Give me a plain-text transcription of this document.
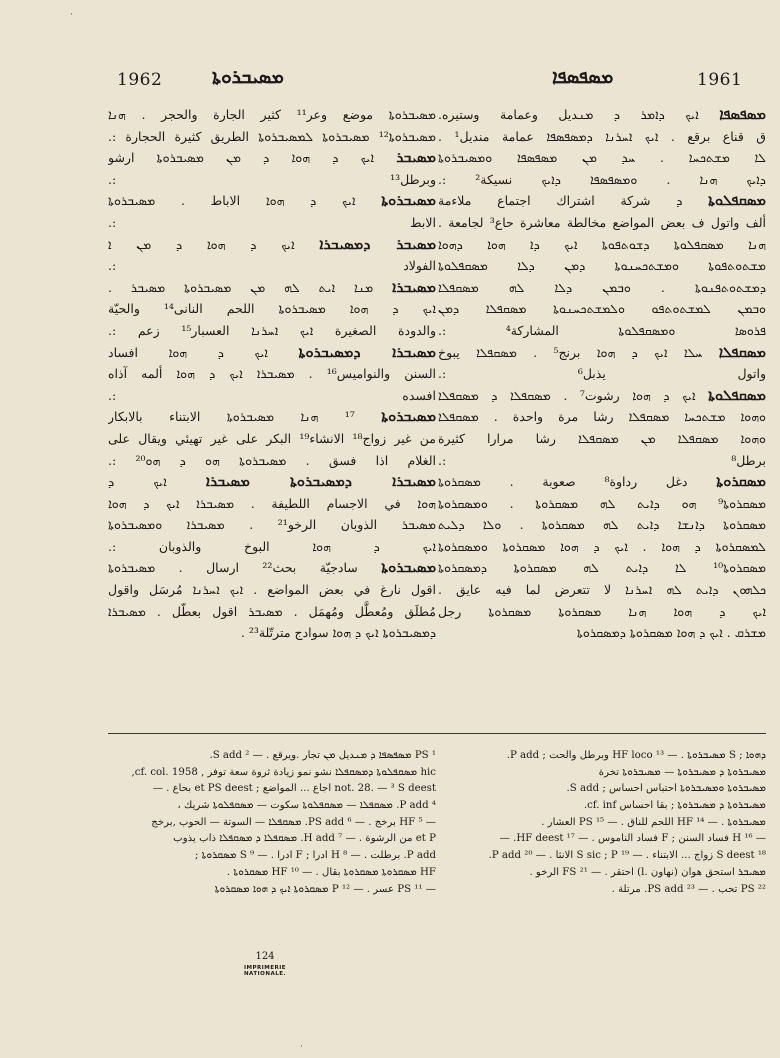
1962	ܡܣܝܒܪܘܬܐ	ܡܣܦܣܦܐ	1961
·
ܡܣܝܒܪܘܬܐ موضع وعر¹¹ كثير الجارة والحجر . ܗܢܐ
ܡܣܝܒܪܘܬܐ¹² ܡܣܝܒܪܘܬܐ ܠܡܣܝܒܪܘܬܐ الطريق كثيرة الحجارة :.
ܡܣܝܒܪ ܐܝܟ ܕ ܗܘܐ ܕ ܡܢ ܡܣܝܒܪܘܬܐ ارشو
وبرطل¹³ :.
ܡܣܝܒܪܘܬܐ ܐܝܟ ܕ ܗܘܐ الاباط . ܡܣܝܒܪܘܬܐ
الابط :.
ܡܣܝܒܪ ܕܡܣܝܒܪܐ ܐܝܟ ܕ ܗܘܐ ܕ ܡܢ ܐ
الفولاد :.
ܡܣܝܒܪܐ ܡܢܐ ܐܝܬ ܠܗ ܡܢ ܡܣܝܒܪܘܬܐ ܡܣܝܒܪ .
ܐܝܟ ܕ ܗܘܐ ܡܣܝܒܪܘܬܐ اللحم النانى¹⁴ والحيّة
والدودة الصغيرة ܐܝܟ ܐܚܪܢܐ العسبار¹⁵ زعم :.
ܡܣܝܒܪܐ ܕܡܣܝܒܪܘܬܐ ܐܝܟ ܕ ܗܘܐ افساد
السنن والنواميس¹⁶ . ܡܣܝܒܪܐ ܐܝܟ ܕ ܗܘܐ ألمه آذاه
افسده :.
ܡܣܝܒܪܘܬܐ ¹⁷ ܗܢܐ ܡܣܝܒܪܘܬܐ الابتناء بالابكار
من غير زواج¹⁸ الانشاء¹⁹ البكر على غير تهيئي ويقال على
الغلام اذا فسق . ܡܣܝܒܪܘܬܐ ܗܘ ܕ ܗܘ²⁰ :.
ܡܣܝܒܪܐ ܕܡܣܝܒܪܘܬܐ ܡܣܝܒܪܐ ܐܝܟ ܕ
ܗܘܐ في الاجسام اللطيفة . ܡܣܝܒܪܐ ܐܝܟ ܕ ܗܘܐ
ܡܣܝܒܪ الذوبان الرخو²¹ . ܡܣܝܒܪܐ ܘܡܣܝܒܪܘܬܐ
ܐܝܟ ܕ ܗܘܐ البوخ والذوبان :.
ܡܣܝܒܪܘܬܐ سادجيّة بحث²² ارسال . ܡܣܝܒܪܘܬܐ
اقول نارغ في بعض المواضع . ܐܝܟ ܐܚܪܢܐ مُرسَل واقول
مُطلَق ومُعطَّل ومُهمَل . ܡܣܝܒܪ اقول بعطّل . ܡܣܝܒܪܐ
ܕܡܣܝܒܪܘܬܐ ܐܝܟ ܕ ܗܘܐ سوادج مترتّلة²³ .
ܡܣܦܣܦܐ ܐܝܟ ܕܐܡܪ ܕ ܡܢديل وعمامة وستيره.
ق قناع برقع . ܐܝܟ ܐܚܪܢܐ ܕܡܣܦܣܦܐ عمامة منديل¹ .
ܠܐ ܡܫܬܟܚܐ . ܚܕ ܡܢ ܡܣܦܣܦܐ ܘܡܣܝܒܪܘܬܐ
ܕܐܝܟ ܗܢܐ . ܘܡܣܦܣܦܐ ܕܐܝܟ نسيكة² :.
ܡܣܩܦܠܘܬܐ ܕ شركة اشتراك اجتماع ملاءمة
ألف واتول ف بعض المواضع مخالطة معاشرة حاع³ لجامعة .
ܗܢܐ ܡܣܩܦܠܘܬܐ ܕܫܘܬܦܘܬܐ ܐܝܟ ܕܐ ܗܘܐ ܕܗܘܐ
ܡܫܬܘܬܦܘܬܐ ܘܡܫܬܟܚܢܘܬܐ ܕܡܢ ܕܠܐ ܡܣܩܦܠܘܬܐ
ܕܡܫܬܘܬܦܢܘܬܐ . ܘܒܡܢ ܕܠܐ ܠܗ ܡܣܩܦܠܐ
ܘܒܡܢ ܠܡܫܬܘܬܦܘ ܘܠܡܫܬܟܚܢܘܬܐ ܡܣܩܦܠܐ ܕܡܢ
ܦܪܘܣܐ ܘܡܣܩܦܠܘܬܐ المشاركة⁴ :.
ܡܣܩܦܠܐ ܚܠܐ ܐܝܟ ܕ ܗܘܐ برنج⁵ . ܡܣܩܦܠܐ يبوخ
واتول يذبل⁶ :.
ܡܣܩܦܠܘܬܐ ܐܝܟ ܕ ܗܘܐ رشوت⁷ . ܡܣܩܦܠܐ ܕ ܡܣܩܦܠܐ
ܘܗܘܐ ܡܫܬܟܚܐ ܡܣܩܦܠܐ رشا مرة واحدة . ܡܣܩܦܠܐ
ܘܗܘܐ ܡܣܩܦܠܐ ܡܢ ܡܣܩܦܠܐ رشا مرارا كثيرة
برطل⁸ :.
ܡܣܩܪܘܬܐ دغل رداوة⁸ صعوبة . ܡܣܩܪܘܬܐ
ܡܣܩܪܘܬܐ⁹ ܗܘ ܕܐܝܬ ܠܗ ܡܣܩܪܘܬܐ . ܘܡܣܩܪܘܬܐ
ܡܣܩܪܘܬܐ ܕܐܢܫܐ ܕܐܝܬ ܠܗ ܡܣܩܪܘܬܐ . ܘܠܐ ܕܠܝܬ
ܠܡܣܩܪܘܬܐ ܕ ܗܘܐ . ܐܝܟ ܕ ܗܘܐ ܡܣܩܪܘܬܐ ܘܡܣܩܪܘܬܐ
ܡܣܩܪܘܬܐ¹⁰ ܠܐ ܕܐܝܬ ܠܗ ܡܣܩܪܘܬܐ ܕܡܣܩܪܘܬܐ
ܟܠܗܘܢ ܕܐܝܬ ܠܗ ܐܚܪܢܐ لا تتعرض لما فيه عايق .
ܐܝܟ ܕ ܗܘܐ ܗܢܐ ܡܣܩܪܘܬܐ ܡܣܩܪܘܬܐ رجل
ܡܫܪܩ . ܐܝܟ ܕ ܗܘܐ ܡܣܩܪܘܬܐ ܕܡܣܩܪܘܬܐ
¹ PS ܡܣܦܣܦܐ ܕ ܡܢديل ܡܢ تجار .ويرقع . — ² S add.
hic ܡܣܩܦܠܘܬܐ ܕܡܣܩܦܠܐ نشو نمو زيادة ثروة سعة توفر , cf. col. 1958,
not. 28. — ³ S deest اجاع ... المواضع ; et PS deest بحاع . —
⁴ P add. ܡܣܩܦܠܐ — ܡܣܩܦܠܘܬܐ سكوت — ܡܣܩܦܠܘܬܐ شريك ،
— ⁵ HF برخج . — ⁶ PS add. ܡܣܩܦܠܐ — السوتة — الحوب ,برخج
et P من الرشوة . — ⁷ H add. ܡܣܩܦܠܐ ܕ ܡܣܩܦܠܐ ذاب يذوب
P add. برطلت . — ⁸ H ادرا ; F ادرا . — ⁹ S ܡܣܩܪܘܬܐ ;
HF ܡܣܩܪܘܬܐ ܡܣܩܪܘܬܐ بقال . — ¹⁰ HF ܡܣܩܪܘܬܐ .
— ¹¹ PS عسر . — ¹² P ܡܣܩܪܘܬܐ ܐܝܟ ܕ ܗܘܐ ܡܣܩܪܘܬܐ
ܕܗܘܐ ; S ܡܣܝܒܪܘܬܐ . — ¹³ HF loco وبرطل والحت ; P add.
ܡܣܝܒܪܘܬܐ ܕ ܡܣܝܒܪܘܬܐ — ܡܣܝܒܪܘܬܐ تخرة
ܡܣܝܒܪܘܬܐ ܘܡܣܝܒܪܘܬܐ احتباس احساس ; S add.
ܡܣܝܒܪܘܬܐ ܕ ܡܣܝܒܪܘܬܐ ; بقا احساس cf. inf.
ܡܣܝܒܪܘܬܐ . — ¹⁴ HF اللحم للناق . — ¹⁵ PS العشار .
— ¹⁶ H فساد السنن ; F فساد الناموس . — ¹⁷ HF deest. —
¹⁸ S deest زواج ... الابتناء . — ¹⁹ S sic ; P الانثا . — ²⁰ P add.
ܡܣܝܒܪ استحق هوان (نهاون .l) احتقر . — ²¹ FS الرخو .
²² PS تحب . — ²³ PS add. مرتلة .
124
IMPRIMERIE NATIONALE.
·
